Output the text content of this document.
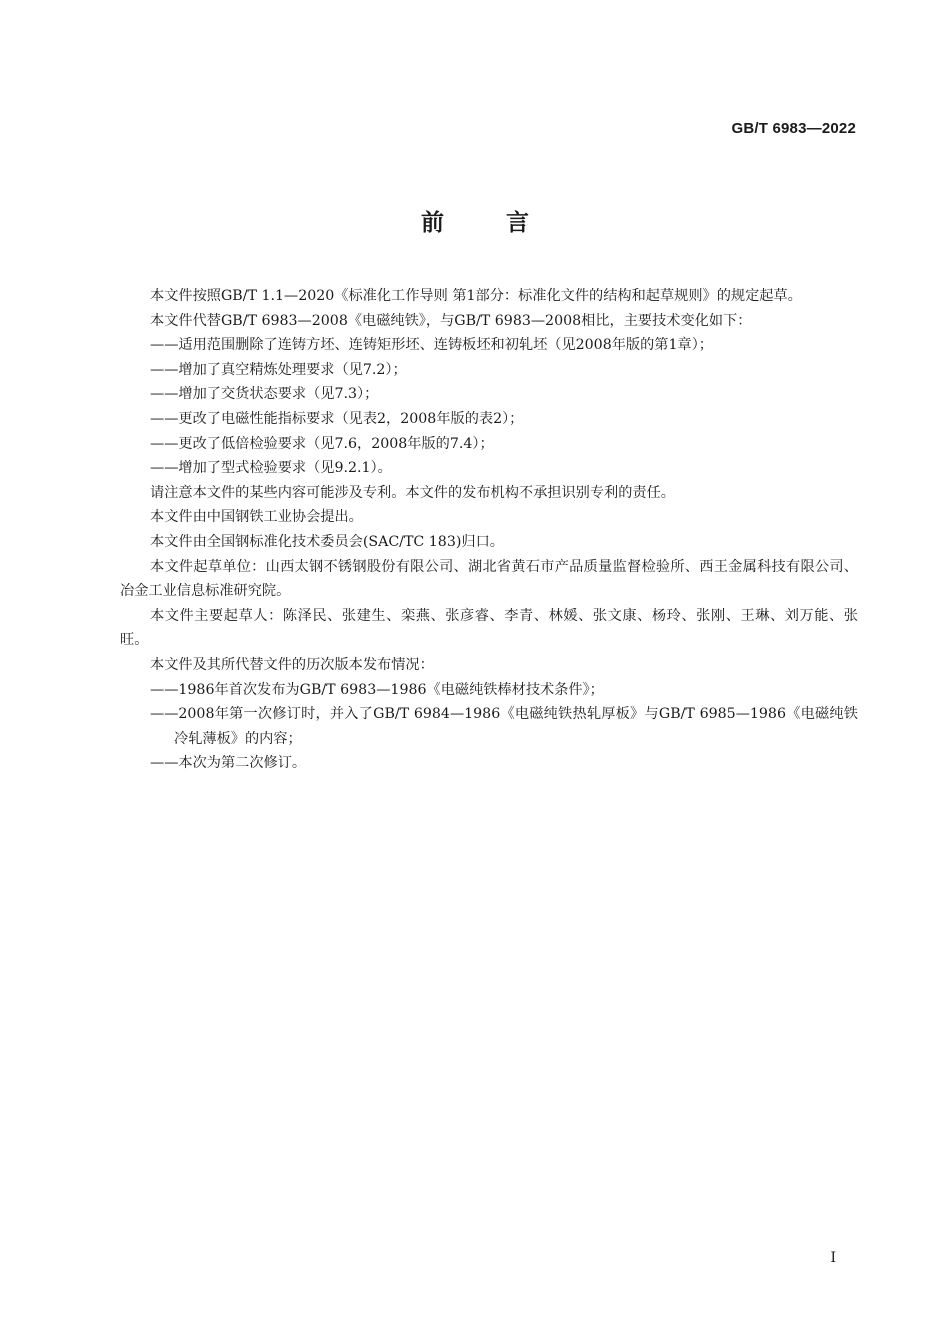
GB/T 6983—2022
前言

本文件按照GB/T 1.1—2020《标准化工作导则 第1部分：标准化文件的结构和起草规则》的规定起草。

本文件代替GB/T 6983—2008《电磁纯铁》，与GB/T 6983—2008相比，主要技术变化如下：

——适用范围删除了连铸方坯、连铸矩形坯、连铸板坯和初轧坯（见2008年版的第1章）；

——增加了真空精炼处理要求（见7.2）；

——增加了交货状态要求（见7.3）；

——更改了电磁性能指标要求（见表2，2008年版的表2）；

——更改了低倍检验要求（见7.6，2008年版的7.4）；

——增加了型式检验要求（见9.2.1）。

请注意本文件的某些内容可能涉及专利。本文件的发布机构不承担识别专利的责任。

本文件由中国钢铁工业协会提出。

本文件由全国钢标准化技术委员会(SAC/TC 183)归口。

本文件起草单位：山西太钢不锈钢股份有限公司、湖北省黄石市产品质量监督检验所、西王金属科技有限公司、冶金工业信息标准研究院。

本文件主要起草人：陈泽民、张建生、栾燕、张彦睿、李青、林媛、张文康、杨玲、张刚、王琳、刘万能、张旺。

本文件及其所代替文件的历次版本发布情况：

——1986年首次发布为GB/T 6983—1986《电磁纯铁棒材技术条件》；

——2008年第一次修订时，并入了GB/T 6984—1986《电磁纯铁热轧厚板》与GB/T 6985—1986《电磁纯铁冷轧薄板》的内容；

——本次为第二次修订。

I
